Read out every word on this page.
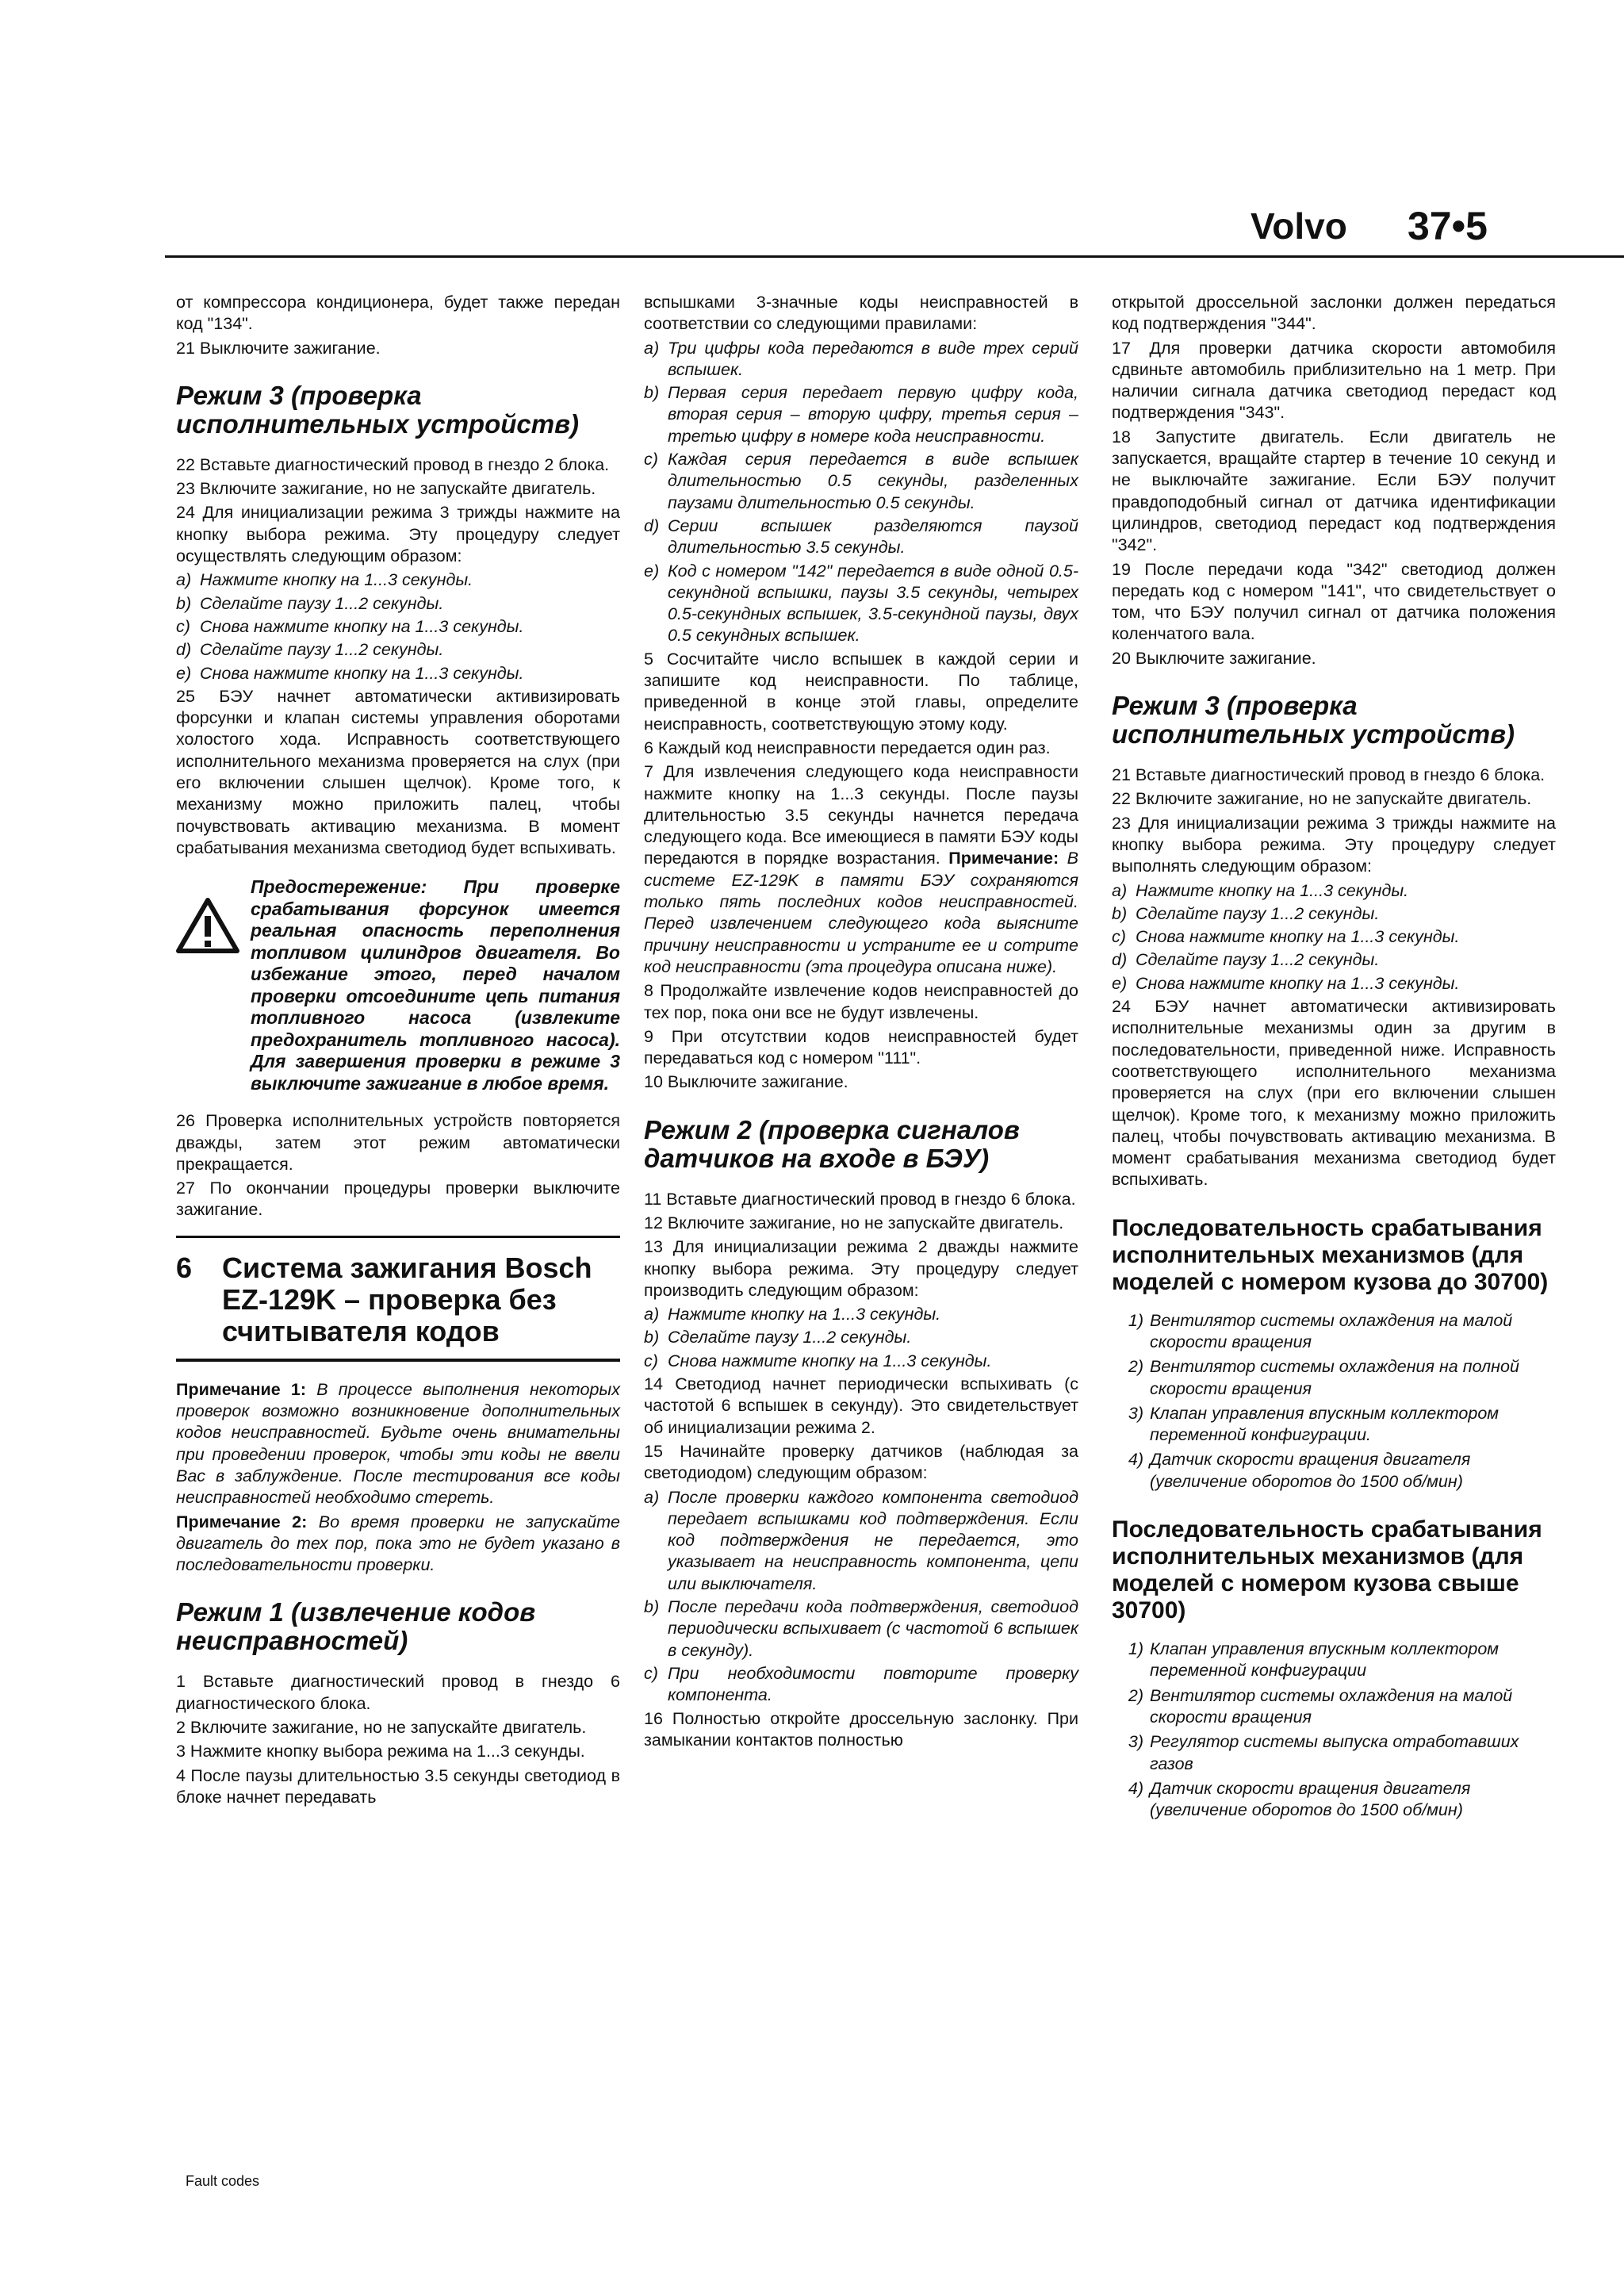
Volvo 37•5

от компрессора кондиционера, будет также передан код "134".

21 Выключите зажигание.

Режим 3 (проверка исполнительных устройств)

22 Вставьте диагностический провод в гнездо 2 блока.

23 Включите зажигание, но не запускайте двигатель.

24 Для инициализации режима 3 трижды нажмите на кнопку выбора режима. Эту процедуру следует осуществлять следующим образом:

a) Нажмите кнопку на 1...3 секунды.
b) Сделайте паузу 1...2 секунды.
c) Снова нажмите кнопку на 1...3 секунды.
d) Сделайте паузу 1...2 секунды.
e) Снова нажмите кнопку на 1...3 секунды.

25 БЭУ начнет автоматически активизировать форсунки и клапан системы управления оборотами холостого хода. Исправность соответствующего исполнительного механизма проверяется на слух (при его включении слышен щелчок). Кроме того, к механизму можно приложить палец, чтобы почувствовать активацию механизма. В момент срабатывания механизма светодиод будет вспыхивать.

Предостережение: При проверке срабатывания форсунок имеется реальная опасность переполнения топливом цилиндров двигателя. Во избежание этого, перед началом проверки отсоедините цепь питания топливного насоса (извлеките предохранитель топливного насоса). Для завершения проверки в режиме 3 выключите зажигание в любое время.

26 Проверка исполнительных устройств повторяется дважды, затем этот режим автоматически прекращается.

27 По окончании процедуры проверки выключите зажигание.

6	Система зажигания Bosch EZ-129K – проверка без считывателя кодов

Примечание 1: В процессе выполнения некоторых проверок возможно возникновение дополнительных кодов неисправностей. Будьте очень внимательны при проведении проверок, чтобы эти коды не ввели Вас в заблуждение. После тестирования все коды неисправностей необходимо стереть.

Примечание 2: Во время проверки не запускайте двигатель до тех пор, пока это не будет указано в последовательности проверки.

Режим 1 (извлечение кодов неисправностей)

1 Вставьте диагностический провод в гнездо 6 диагностического блока.

2 Включите зажигание, но не запускайте двигатель.

3 Нажмите кнопку выбора режима на 1...3 секунды.

4 После паузы длительностью 3.5 секунды светодиод в блоке начнет передавать

вспышками 3-значные коды неисправностей в соответствии со следующими правилами:

a) Три цифры кода передаются в виде трех серий вспышек.
b) Первая серия передает первую цифру кода, вторая серия – вторую цифру, третья серия – третью цифру в номере кода неисправности.
c) Каждая серия передается в виде вспышек длительностью 0.5 секунды, разделенных паузами длительностью 0.5 секунды.
d) Серии вспышек разделяются паузой длительностью 3.5 секунды.
e) Код с номером "142" передается в виде одной 0.5-секундной вспышки, паузы 3.5 секунды, четырех 0.5-секундных вспышек, 3.5-секундной паузы, двух 0.5 секундных вспышек.

5 Сосчитайте число вспышек в каждой серии и запишите код неисправности. По таблице, приведенной в конце этой главы, определите неисправность, соответствующую этому коду.

6 Каждый код неисправности передается один раз.

7 Для извлечения следующего кода неисправности нажмите кнопку на 1...3 секунды. После паузы длительностью 3.5 секунды начнется передача следующего кода. Все имеющиеся в памяти БЭУ коды передаются в порядке возрастания. Примечание: В системе EZ-129K в памяти БЭУ сохраняются только пять последних кодов неисправностей. Перед извлечением следующего кода выясните причину неисправности и устраните ее и сотрите код неисправности (эта процедура описана ниже).

8 Продолжайте извлечение кодов неисправностей до тех пор, пока они все не будут извлечены.

9 При отсутствии кодов неисправностей будет передаваться код с номером "111".

10 Выключите зажигание.

Режим 2 (проверка сигналов датчиков на входе в БЭУ)

11 Вставьте диагностический провод в гнездо 6 блока.

12 Включите зажигание, но не запускайте двигатель.

13 Для инициализации режима 2 дважды нажмите кнопку выбора режима. Эту процедуру следует производить следующим образом:

a) Нажмите кнопку на 1...3 секунды.
b) Сделайте паузу 1...2 секунды.
c) Снова нажмите кнопку на 1...3 секунды.

14 Светодиод начнет периодически вспыхивать (с частотой 6 вспышек в секунду). Это свидетельствует об инициализации режима 2.

15 Начинайте проверку датчиков (наблюдая за светодиодом) следующим образом:

a) После проверки каждого компонента светодиод передает вспышками код подтверждения. Если код подтверждения не передается, это указывает на неисправность компонента, цепи или выключателя.
b) После передачи кода подтверждения, светодиод периодически вспыхивает (с частотой 6 вспышек в секунду).
c) При необходимости повторите проверку компонента.

16 Полностью откройте дроссельную заслонку. При замыкании контактов полностью

открытой дроссельной заслонки должен передаться код подтверждения "344".

17 Для проверки датчика скорости автомобиля сдвиньте автомобиль приблизительно на 1 метр. При наличии сигнала датчика светодиод передаст код подтверждения "343".

18 Запустите двигатель. Если двигатель не запускается, вращайте стартер в течение 10 секунд и не выключайте зажигание. Если БЭУ получит правдоподобный сигнал от датчика идентификации цилиндров, светодиод передаст код подтверждения "342".

19 После передачи кода "342" светодиод должен передать код с номером "141", что свидетельствует о том, что БЭУ получил сигнал от датчика положения коленчатого вала.

20 Выключите зажигание.

Режим 3 (проверка исполнительных устройств)

21 Вставьте диагностический провод в гнездо 6 блока.

22 Включите зажигание, но не запускайте двигатель.

23 Для инициализации режима 3 трижды нажмите на кнопку выбора режима. Эту процедуру следует выполнять следующим образом:

a) Нажмите кнопку на 1...3 секунды.
b) Сделайте паузу 1...2 секунды.
c) Снова нажмите кнопку на 1...3 секунды.
d) Сделайте паузу 1...2 секунды.
e) Снова нажмите кнопку на 1...3 секунды.

24 БЭУ начнет автоматически активизировать исполнительные механизмы один за другим в последовательности, приведенной ниже. Исправность соответствующего исполнительного механизма проверяется на слух (при его включении слышен щелчок). Кроме того, к механизму можно приложить палец, чтобы почувствовать активацию механизма. В момент срабатывания механизма светодиод будет вспыхивать.

Последовательность срабатывания исполнительных механизмов (для моделей с номером кузова до 30700)
1) Вентилятор системы охлаждения на малой скорости вращения
2) Вентилятор системы охлаждения на полной скорости вращения
3) Клапан управления впускным коллектором переменной конфигурации.
4) Датчик скорости вращения двигателя (увеличение оборотов до 1500 об/мин)
Последовательность срабатывания исполнительных механизмов (для моделей с номером кузова свыше 30700)
1) Клапан управления впускным коллектором переменной конфигурации
2) Вентилятор системы охлаждения на малой скорости вращения
3) Регулятор системы выпуска отработавших газов
4) Датчик скорости вращения двигателя (увеличение оборотов до 1500 об/мин)
Fault codes
